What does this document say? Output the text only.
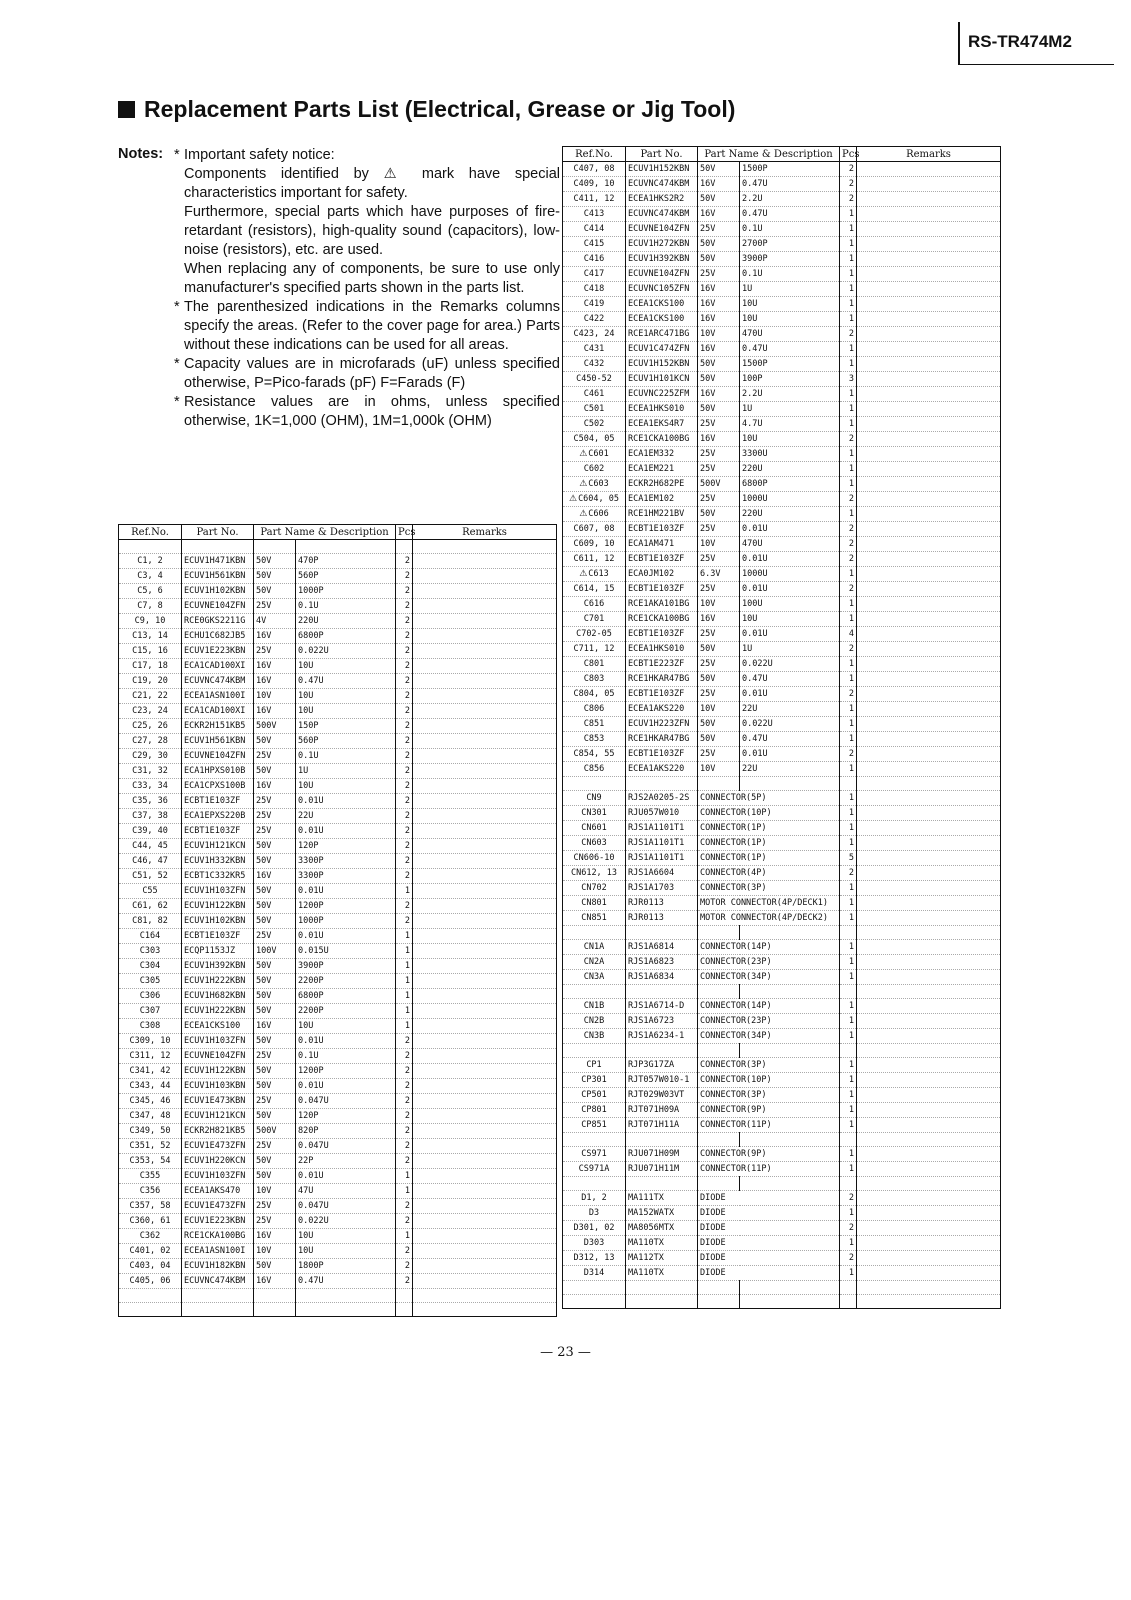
RS-TR474M2
Replacement Parts List (Electrical, Grease or Jig Tool)
Notes: * Important safety notice:

Components identified by ⚠ mark have special characteristics important for safety.

Furthermore, special parts which have purposes of fire-retardant (resistors), high-quality sound (capacitors), low-noise (resistors), etc. are used.

When replacing any of components, be sure to use only manufacturer's specified parts shown in the parts list.

* The parenthesized indications in the Remarks columns specify the areas. (Refer to the cover page for area.) Parts without these indications can be used for all areas.

* Capacity values are in microfarads (uF) unless specified otherwise, P=Pico-farads (pF) F=Farads (F)

* Resistance values are in ohms, unless specified otherwise, 1K=1,000 (OHM), 1M=1,000k (OHM)

Ref.No.	Part No.	Part Name & Description		Pcs	Remarks

C1, 2	ECUV1H471KBN	50V	470P	2	
C3, 4	ECUV1H561KBN	50V	560P	2	
C5, 6	ECUV1H102KBN	50V	1000P	2	
C7, 8	ECUVNE104ZFN	25V	0.1U	2	
C9, 10	RCE0GKS2211G	4V	220U	2	
C13, 14	ECHU1C682JB5	16V	6800P	2	
C15, 16	ECUV1E223KBN	25V	0.022U	2	
C17, 18	ECA1CAD100XI	16V	10U	2	
C19, 20	ECUVNC474KBM	16V	0.47U	2	
C21, 22	ECEA1ASN100I	10V	10U	2	
C23, 24	ECA1CAD100XI	16V	10U	2	
C25, 26	ECKR2H151KB5	500V	150P	2	
C27, 28	ECUV1H561KBN	50V	560P	2	
C29, 30	ECUVNE104ZFN	25V	0.1U	2	
C31, 32	ECA1HPXS010B	50V	1U	2	
C33, 34	ECA1CPXS100B	16V	10U	2	
C35, 36	ECBT1E103ZF	25V	0.01U	2	
C37, 38	ECA1EPXS220B	25V	22U	2	
C39, 40	ECBT1E103ZF	25V	0.01U	2	
C44, 45	ECUV1H121KCN	50V	120P	2	
C46, 47	ECUV1H332KBN	50V	3300P	2	
C51, 52	ECBT1C332KR5	16V	3300P	2	
C55	ECUV1H103ZFN	50V	0.01U	1	
C61, 62	ECUV1H122KBN	50V	1200P	2	
C81, 82	ECUV1H102KBN	50V	1000P	2	
C164	ECBT1E103ZF	25V	0.01U	1	
C303	ECQP1153JZ	100V	0.015U	1	
C304	ECUV1H392KBN	50V	3900P	1	
C305	ECUV1H222KBN	50V	2200P	1	
C306	ECUV1H682KBN	50V	6800P	1	
C307	ECUV1H222KBN	50V	2200P	1	
C308	ECEA1CKS100	16V	10U	1	
C309, 10	ECUV1H103ZFN	50V	0.01U	2	
C311, 12	ECUVNE104ZFN	25V	0.1U	2	
C341, 42	ECUV1H122KBN	50V	1200P	2	
C343, 44	ECUV1H103KBN	50V	0.01U	2	
C345, 46	ECUV1E473KBN	25V	0.047U	2	
C347, 48	ECUV1H121KCN	50V	120P	2	
C349, 50	ECKR2H821KB5	500V	820P	2	
C351, 52	ECUV1E473ZFN	25V	0.047U	2	
C353, 54	ECUV1H220KCN	50V	22P	2	
C355	ECUV1H103ZFN	50V	0.01U	1	
C356	ECEA1AKS470	10V	47U	1	
C357, 58	ECUV1E473ZFN	25V	0.047U	2	
C360, 61	ECUV1E223KBN	25V	0.022U	2	
C362	RCE1CKA100BG	16V	10U	1	
C401, 02	ECEA1ASN100I	10V	10U	2	
C403, 04	ECUV1H182KBN	50V	1800P	2	
C405, 06	ECUVNC474KBM	16V	0.47U	2	

Ref.No.	Part No.	Part Name & Description		Pcs	Remarks
C407, 08	ECUV1H152KBN	50V	1500P	2	
C409, 10	ECUVNC474KBM	16V	0.47U	2	
C411, 12	ECEA1HKS2R2	50V	2.2U	2	
C413	ECUVNC474KBM	16V	0.47U	1	
C414	ECUVNE104ZFN	25V	0.1U	1	
C415	ECUV1H272KBN	50V	2700P	1	
C416	ECUV1H392KBN	50V	3900P	1	
C417	ECUVNE104ZFN	25V	0.1U	1	
C418	ECUVNC105ZFN	16V	1U	1	
C419	ECEA1CKS100	16V	10U	1	
C422	ECEA1CKS100	16V	10U	1	
C423, 24	RCE1ARC471BG	10V	470U	2	
C431	ECUV1C474ZFN	16V	0.47U	1	
C432	ECUV1H152KBN	50V	1500P	1	
C450-52	ECUV1H101KCN	50V	100P	3	
C461	ECUVNC225ZFM	16V	2.2U	1	
C501	ECEA1HKS010	50V	1U	1	
C502	ECEA1EKS4R7	25V	4.7U	1	
C504, 05	RCE1CKA100BG	16V	10U	2	
⚠C601	ECA1EM332	25V	3300U	1	
C602	ECA1EM221	25V	220U	1	
⚠C603	ECKR2H682PE	500V	6800P	1	
⚠C604, 05	ECA1EM102	25V	1000U	2	
⚠C606	RCE1HM221BV	50V	220U	1	
C607, 08	ECBT1E103ZF	25V	0.01U	2	
C609, 10	ECA1AM471	10V	470U	2	
C611, 12	ECBT1E103ZF	25V	0.01U	2	
⚠C613	ECA0JM102	6.3V	1000U	1	
C614, 15	ECBT1E103ZF	25V	0.01U	2	
C616	RCE1AKA101BG	10V	100U	1	
C701	RCE1CKA100BG	16V	10U	1	
C702-05	ECBT1E103ZF	25V	0.01U	4	
C711, 12	ECEA1HKS010	50V	1U	2	
C801	ECBT1E223ZF	25V	0.022U	1	
C803	RCE1HKAR47BG	50V	0.47U	1	
C804, 05	ECBT1E103ZF	25V	0.01U	2	
C806	ECEA1AKS220	10V	22U	1	
C851	ECUV1H223ZFN	50V	0.022U	1	
C853	RCE1HKAR47BG	50V	0.47U	1	
C854, 55	ECBT1E103ZF	25V	0.01U	2	
C856	ECEA1AKS220	10V	22U	1	

CN9	RJS2A0205-2S	CONNECTOR(5P)		1	
CN301	RJU057W010	CONNECTOR(10P)		1	
CN601	RJS1A1101T1	CONNECTOR(1P)		1	
CN603	RJS1A1101T1	CONNECTOR(1P)		1	
CN606-10	RJS1A1101T1	CONNECTOR(1P)		5	
CN612, 13	RJS1A6604	CONNECTOR(4P)		2	
CN702	RJS1A1703	CONNECTOR(3P)		1	
CN801	RJR0113	MOTOR CONNECTOR(4P/DECK1)		1	
CN851	RJR0113	MOTOR CONNECTOR(4P/DECK2)		1	

CN1A	RJS1A6814	CONNECTOR(14P)		1	
CN2A	RJS1A6823	CONNECTOR(23P)		1	
CN3A	RJS1A6834	CONNECTOR(34P)		1	

CN1B	RJS1A6714-D	CONNECTOR(14P)		1	
CN2B	RJS1A6723	CONNECTOR(23P)		1	
CN3B	RJS1A6234-1	CONNECTOR(34P)		1	

CP1	RJP3G17ZA	CONNECTOR(3P)		1	
CP301	RJT057W010-1	CONNECTOR(10P)		1	
CP501	RJT029W03VT	CONNECTOR(3P)		1	
CP801	RJT071H09A	CONNECTOR(9P)		1	
CP851	RJT071H11A	CONNECTOR(11P)		1	

CS971	RJU071H09M	CONNECTOR(9P)		1	
CS971A	RJU071H11M	CONNECTOR(11P)		1	

D1, 2	MA111TX	DIODE		2	
D3	MA152WATX	DIODE		1	
D301, 02	MA8056MTX	DIODE		2	
D303	MA110TX	DIODE		1	
D312, 13	MA112TX	DIODE		2	
D314	MA110TX	DIODE		1	

— 23 —
